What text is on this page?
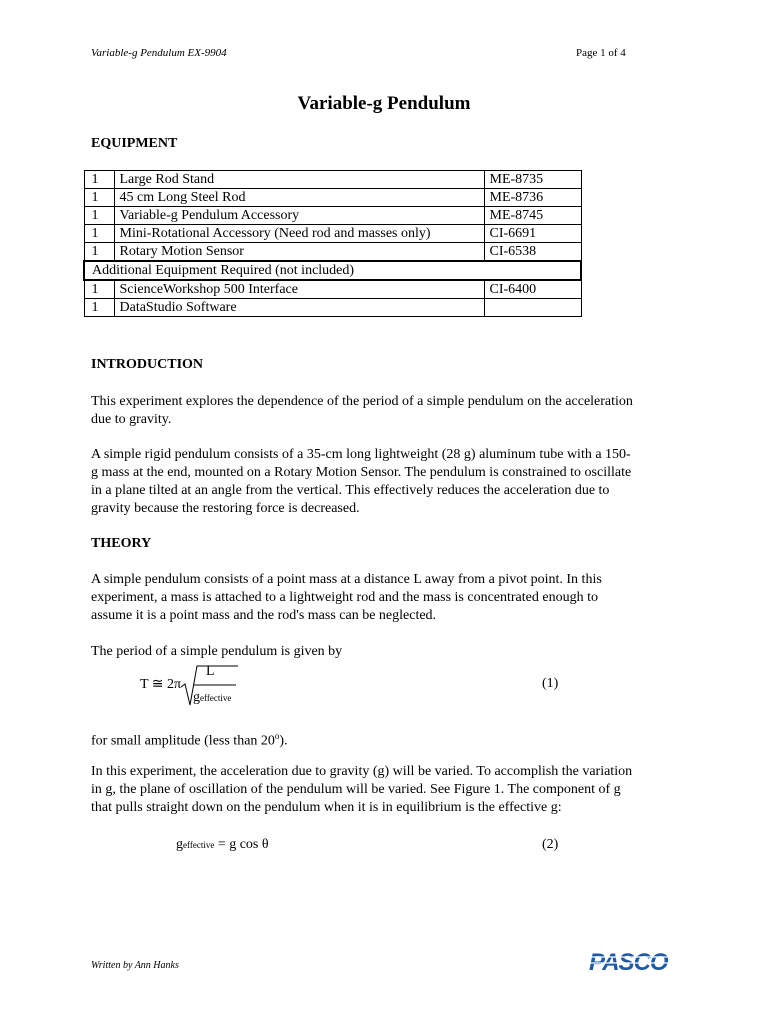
Variable-g Pendulum EX-9904	Page 1 of 4
Variable-g Pendulum
EQUIPMENT
1	Large Rod Stand	ME-8735
1	45 cm Long Steel Rod	ME-8736
1	Variable-g Pendulum Accessory	ME-8745
1	Mini-Rotational Accessory (Need rod and masses only)	CI-6691
1	Rotary Motion Sensor	CI-6538
Additional Equipment Required (not included)		
1	ScienceWorkshop 500 Interface	CI-6400
1	DataStudio Software	
INTRODUCTION
This experiment explores the dependence of the period of a simple pendulum on the acceleration
due to gravity.
A simple rigid pendulum consists of a 35-cm long lightweight (28 g) aluminum tube with a 150-
g mass at the end, mounted on a Rotary Motion Sensor. The pendulum is constrained to oscillate
in a plane tilted at an angle from the vertical. This effectively reduces the acceleration due to
gravity because the restoring force is decreased.
THEORY
A simple pendulum consists of a point mass at a distance L away from a pivot point. In this
experiment, a mass is attached to a lightweight rod and the mass is concentrated enough to
assume it is a point mass and the rod's mass can be neglected.
The period of a simple pendulum is given by
T ≅ 2π
L
geffective
(1)
for small amplitude (less than 20$^o$).
In this experiment, the acceleration due to gravity (g) will be varied. To accomplish the variation
in g, the plane of oscillation of the pendulum will be varied. See Figure 1. The component of g
that pulls straight down on the pendulum when it is in equilibrium is the effective g:
geffective = g cos θ	(2)
Written by Ann Hanks	PASCO
